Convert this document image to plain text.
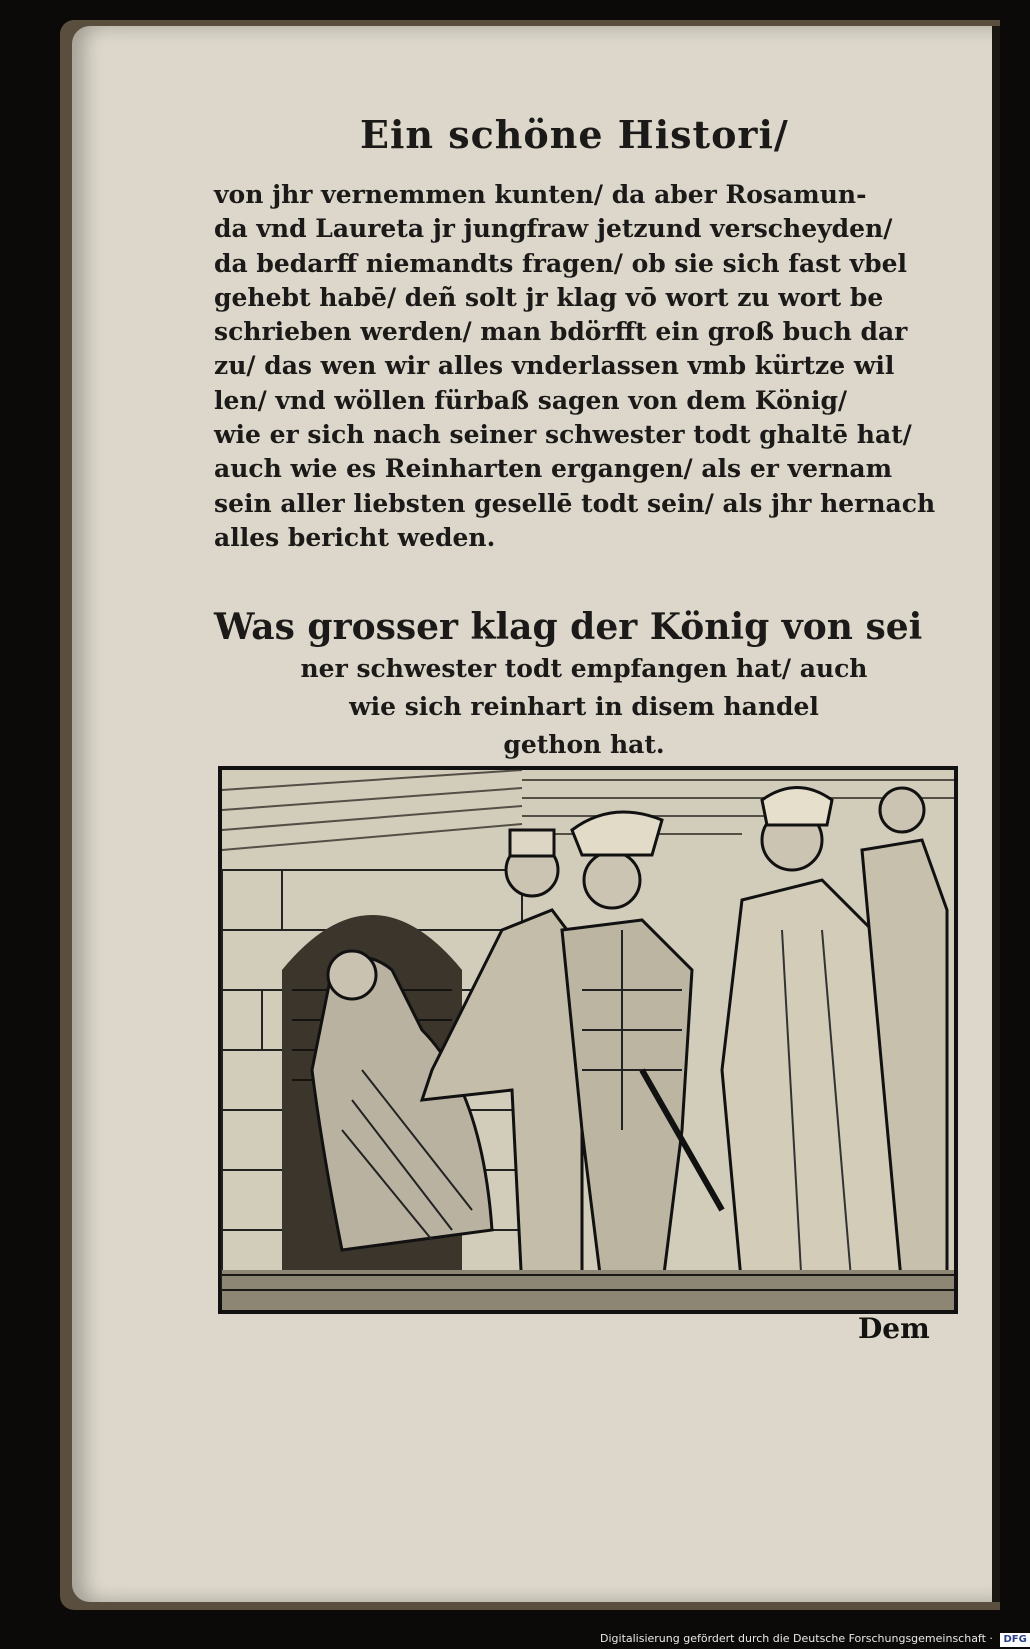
Ein schöne Histori/
von jhr vernemmen kunten/ da aber Rosamun-
da vnd Laureta jr jungfraw jetzund verscheyden/
da bedarff niemandts fragen/ ob sie sich fast vbel
gehebt habē/ deñ solt jr klag vō wort zu wort be
schrieben werden/ man bdörfft ein groß buch dar
zu/ das wen wir alles vnderlassen vmb kürtze wil
len/ vnd wöllen fürbaß sagen von dem König/
wie er sich nach seiner schwester todt ghaltē hat/
auch wie es Reinharten ergangen/ als er vernam
sein aller liebsten gesellē todt sein/ als jhr hernach
alles bericht weden.
Was grosser klag der König von sei
ner schwester todt empfangen hat/ auch
wie sich reinhart in disem handel
gethon hat.
Dem
Digitalisierung gefördert durch die Deutsche Forschungsgemeinschaft · DFG
